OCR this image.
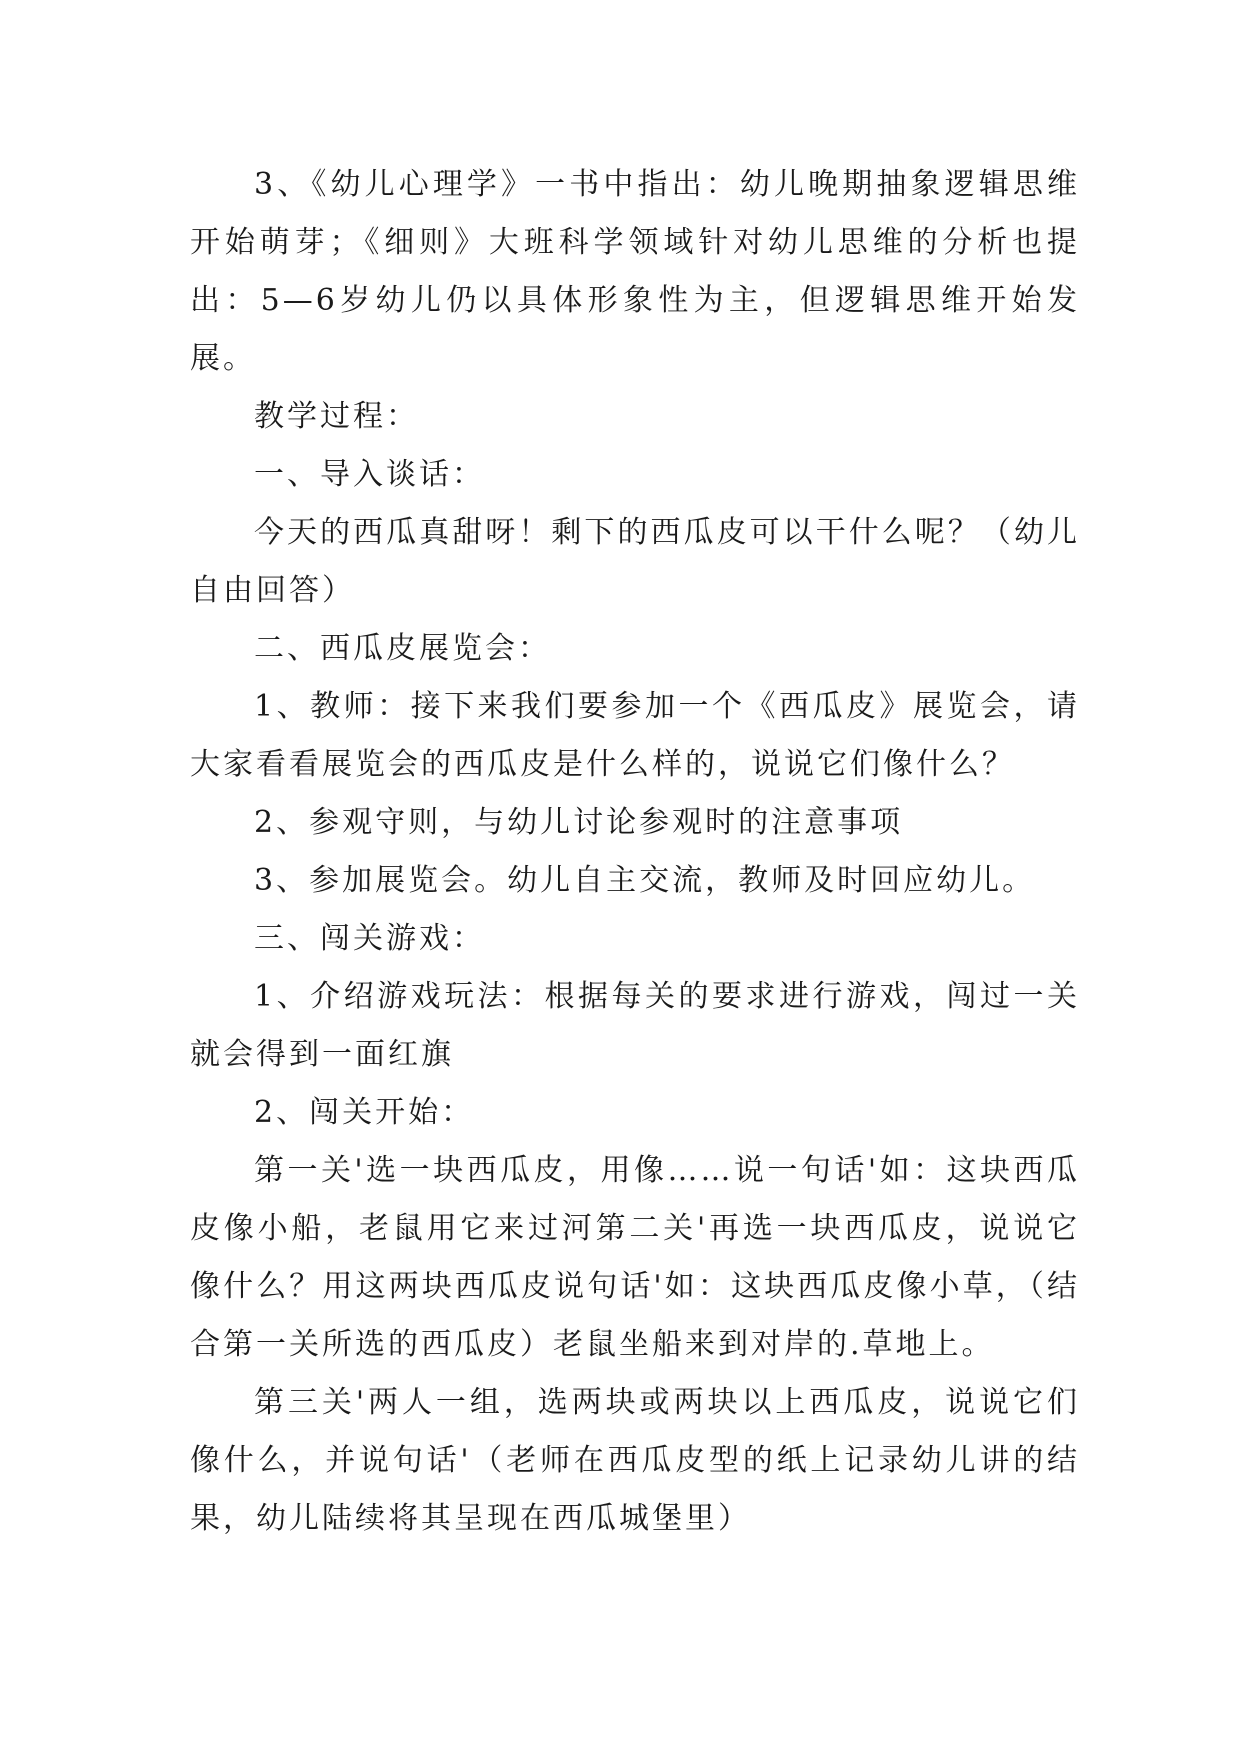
3、《幼儿心理学》一书中指出：幼儿晚期抽象逻辑思维开始萌芽；《细则》大班科学领域针对幼儿思维的分析也提出：5—6岁幼儿仍以具体形象性为主，但逻辑思维开始发展。

教学过程：

一、导入谈话：

今天的西瓜真甜呀！剩下的西瓜皮可以干什么呢？（幼儿自由回答）

二、西瓜皮展览会：

1、教师：接下来我们要参加一个《西瓜皮》展览会，请大家看看展览会的西瓜皮是什么样的，说说它们像什么？

2、参观守则，与幼儿讨论参观时的注意事项

3、参加展览会。幼儿自主交流，教师及时回应幼儿。

三、闯关游戏：

1、介绍游戏玩法：根据每关的要求进行游戏，闯过一关就会得到一面红旗

2、闯关开始：

第一关'选一块西瓜皮，用像……说一句话'如：这块西瓜皮像小船，老鼠用它来过河第二关'再选一块西瓜皮，说说它像什么？用这两块西瓜皮说句话'如：这块西瓜皮像小草，（结合第一关所选的西瓜皮）老鼠坐船来到对岸的.草地上。

第三关'两人一组，选两块或两块以上西瓜皮，说说它们像什么，并说句话'（老师在西瓜皮型的纸上记录幼儿讲的结果，幼儿陆续将其呈现在西瓜城堡里）
